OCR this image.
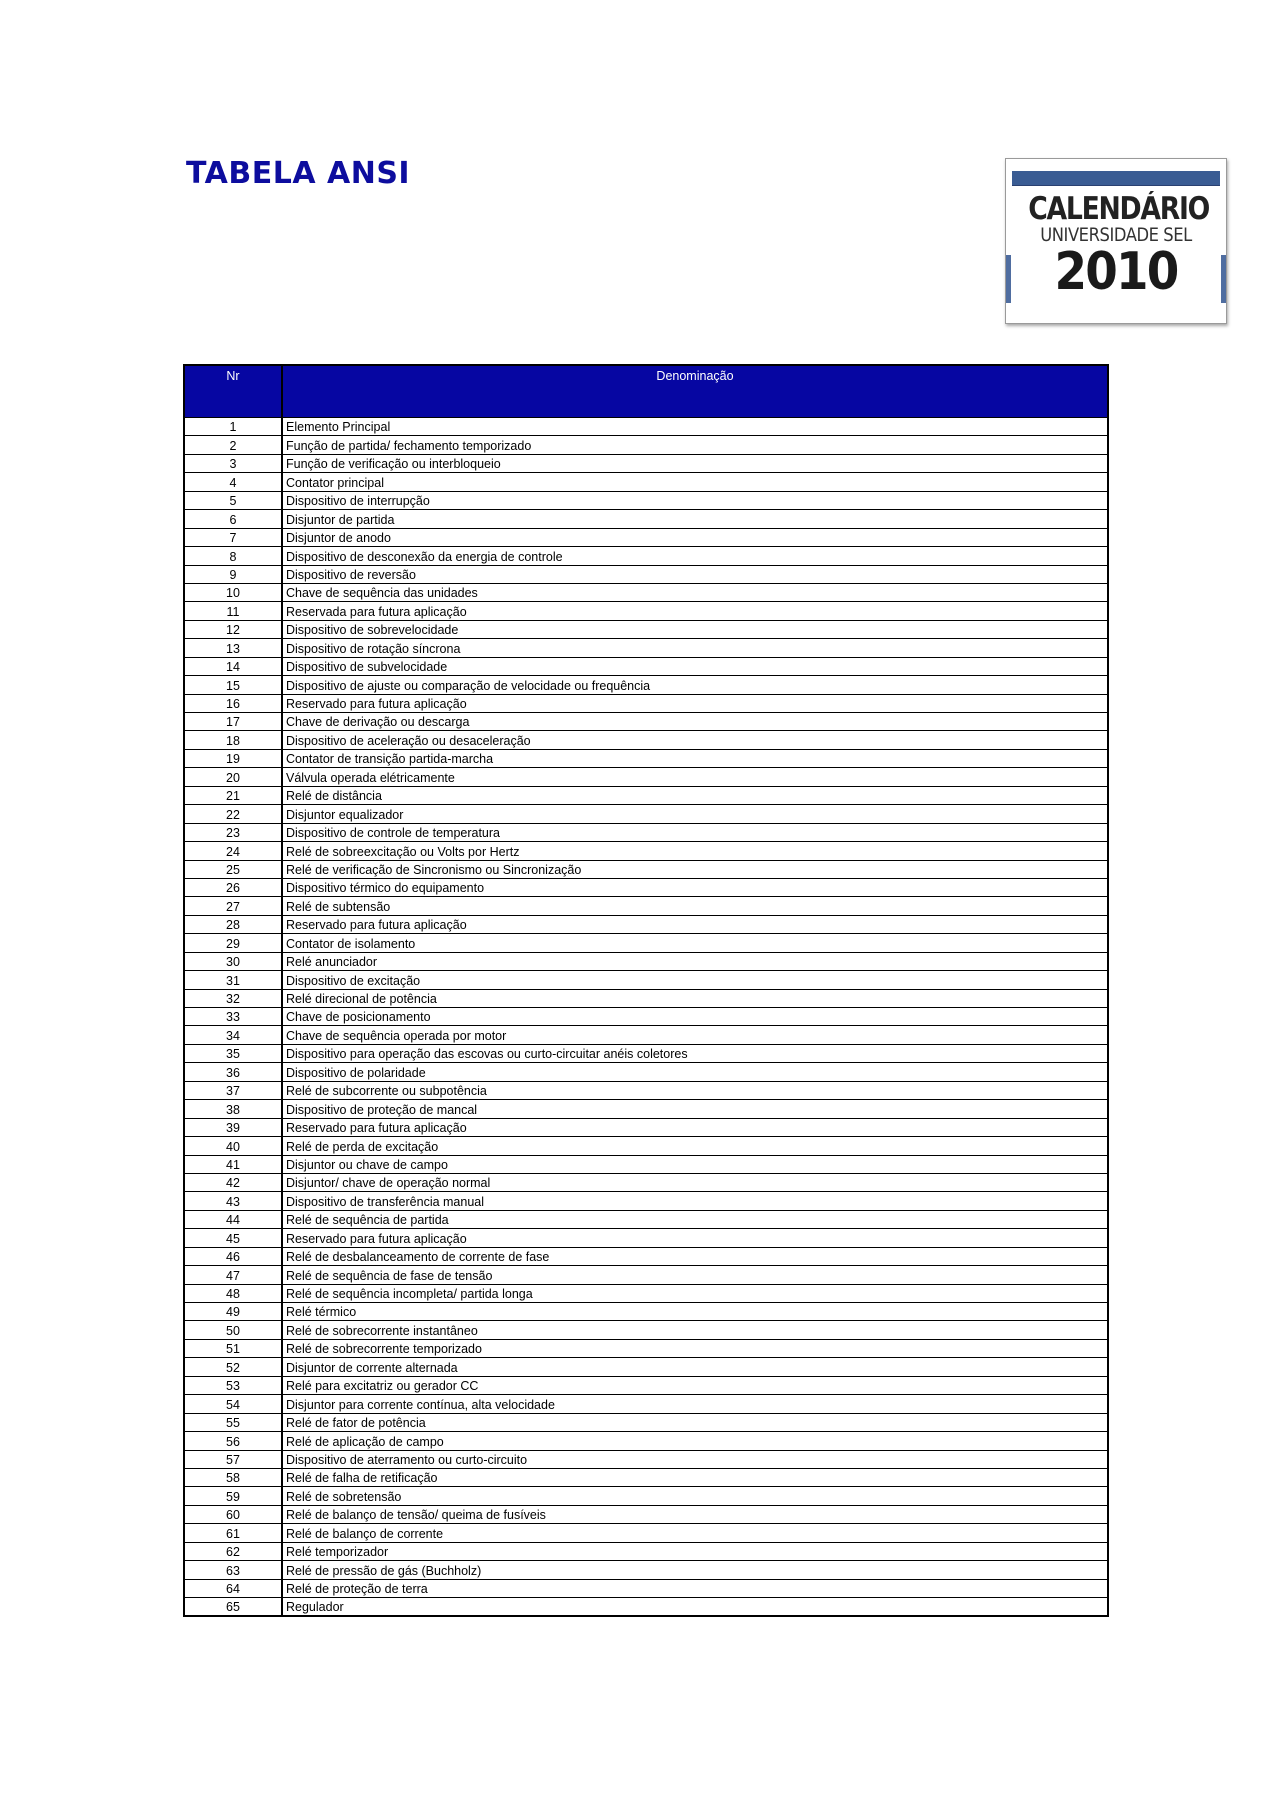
TABELA ANSI
CALENDÁRIO
UNIVERSIDADE SEL
2010
Nr	Denominação
1	Elemento Principal
2	Função de partida/ fechamento temporizado
3	Função de verificação ou interbloqueio
4	Contator principal
5	Dispositivo de interrupção
6	Disjuntor de partida
7	Disjuntor de anodo
8	Dispositivo de desconexão da energia de controle
9	Dispositivo de reversão
10	Chave de sequência das unidades
11	Reservada para futura aplicação
12	Dispositivo de sobrevelocidade
13	Dispositivo de rotação síncrona
14	Dispositivo de subvelocidade
15	Dispositivo de ajuste ou comparação de velocidade ou frequência
16	Reservado para futura aplicação
17	Chave de derivação ou descarga
18	Dispositivo de aceleração ou desaceleração
19	Contator de transição partida-marcha
20	Válvula operada elétricamente
21	Relé de distância
22	Disjuntor equalizador
23	Dispositivo de controle de temperatura
24	Relé de sobreexcitação ou Volts por Hertz
25	Relé de verificação de Sincronismo ou Sincronização
26	Dispositivo térmico do equipamento
27	Relé de subtensão
28	Reservado para futura aplicação
29	Contator de isolamento
30	Relé anunciador
31	Dispositivo de excitação
32	Relé direcional de potência
33	Chave de posicionamento
34	Chave de sequência operada por motor
35	Dispositivo para operação das escovas ou curto-circuitar anéis coletores
36	Dispositivo de polaridade
37	Relé de subcorrente ou subpotência
38	Dispositivo de proteção de mancal
39	Reservado para futura aplicação
40	Relé de perda de excitação
41	Disjuntor ou chave de campo
42	Disjuntor/ chave de operação normal
43	Dispositivo de transferência manual
44	Relé de sequência de partida
45	Reservado para futura aplicação
46	Relé de desbalanceamento de corrente de fase
47	Relé de sequência de fase de tensão
48	Relé de sequência incompleta/ partida longa
49	Relé térmico
50	Relé de sobrecorrente instantâneo
51	Relé de sobrecorrente temporizado
52	Disjuntor de corrente alternada
53	Relé para excitatriz ou gerador CC
54	Disjuntor para corrente contínua, alta velocidade
55	Relé de fator de potência
56	Relé de aplicação de campo
57	Dispositivo de aterramento ou curto-circuito
58	Relé de falha de retificação
59	Relé de sobretensão
60	Relé de balanço de tensão/ queima de fusíveis
61	Relé de balanço de corrente
62	Relé temporizador
63	Relé de pressão de gás (Buchholz)
64	Relé de proteção de terra
65	Regulador
